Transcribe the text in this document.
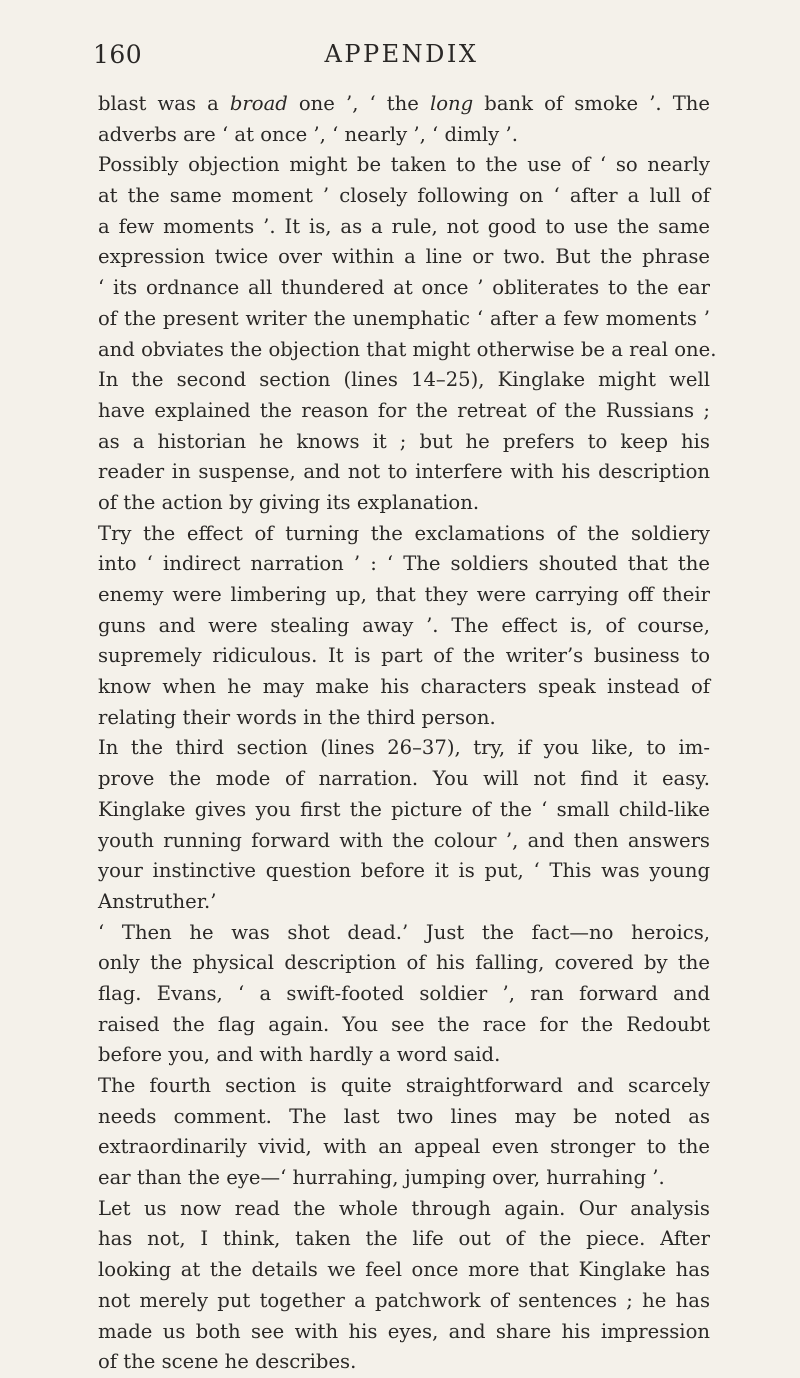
160	APPENDIX
blast was a broad one ’, ‘ the long bank of smoke ’. The
adverbs are ‘ at once ’, ‘ nearly ’, ‘ dimly ’.
Possibly objection might be taken to the use of ‘ so nearly
at the same moment ’ closely following on ‘ after a lull of
a few moments ’. It is, as a rule, not good to use the same
expression twice over within a line or two. But the phrase
‘ its ordnance all thundered at once ’ obliterates to the ear
of the present writer the unemphatic ‘ after a few moments ’
and obviates the objection that might otherwise be a real one.
In the second section (lines 14–25), Kinglake might well
have explained the reason for the retreat of the Russians ;
as a historian he knows it ; but he prefers to keep his
reader in suspense, and not to interfere with his description
of the action by giving its explanation.
Try the effect of turning the exclamations of the soldiery
into ‘ indirect narration ’ : ‘ The soldiers shouted that the
enemy were limbering up, that they were carrying off their
guns and were stealing away ’. The effect is, of course,
supremely ridiculous. It is part of the writer’s business to
know when he may make his characters speak instead of
relating their words in the third person.
In the third section (lines 26–37), try, if you like, to im-
prove the mode of narration. You will not find it easy.
Kinglake gives you first the picture of the ‘ small child-like
youth running forward with the colour ’, and then answers
your instinctive question before it is put, ‘ This was young
Anstruther.’
‘ Then he was shot dead.’ Just the fact—no heroics,
only the physical description of his falling, covered by the
flag. Evans, ‘ a swift-footed soldier ’, ran forward and
raised the flag again. You see the race for the Redoubt
before you, and with hardly a word said.
The fourth section is quite straightforward and scarcely
needs comment. The last two lines may be noted as
extraordinarily vivid, with an appeal even stronger to the
ear than the eye—‘ hurrahing, jumping over, hurrahing ’.
Let us now read the whole through again. Our analysis
has not, I think, taken the life out of the piece. After
looking at the details we feel once more that Kinglake has
not merely put together a patchwork of sentences ; he has
made us both see with his eyes, and share his impression
of the scene he describes.
